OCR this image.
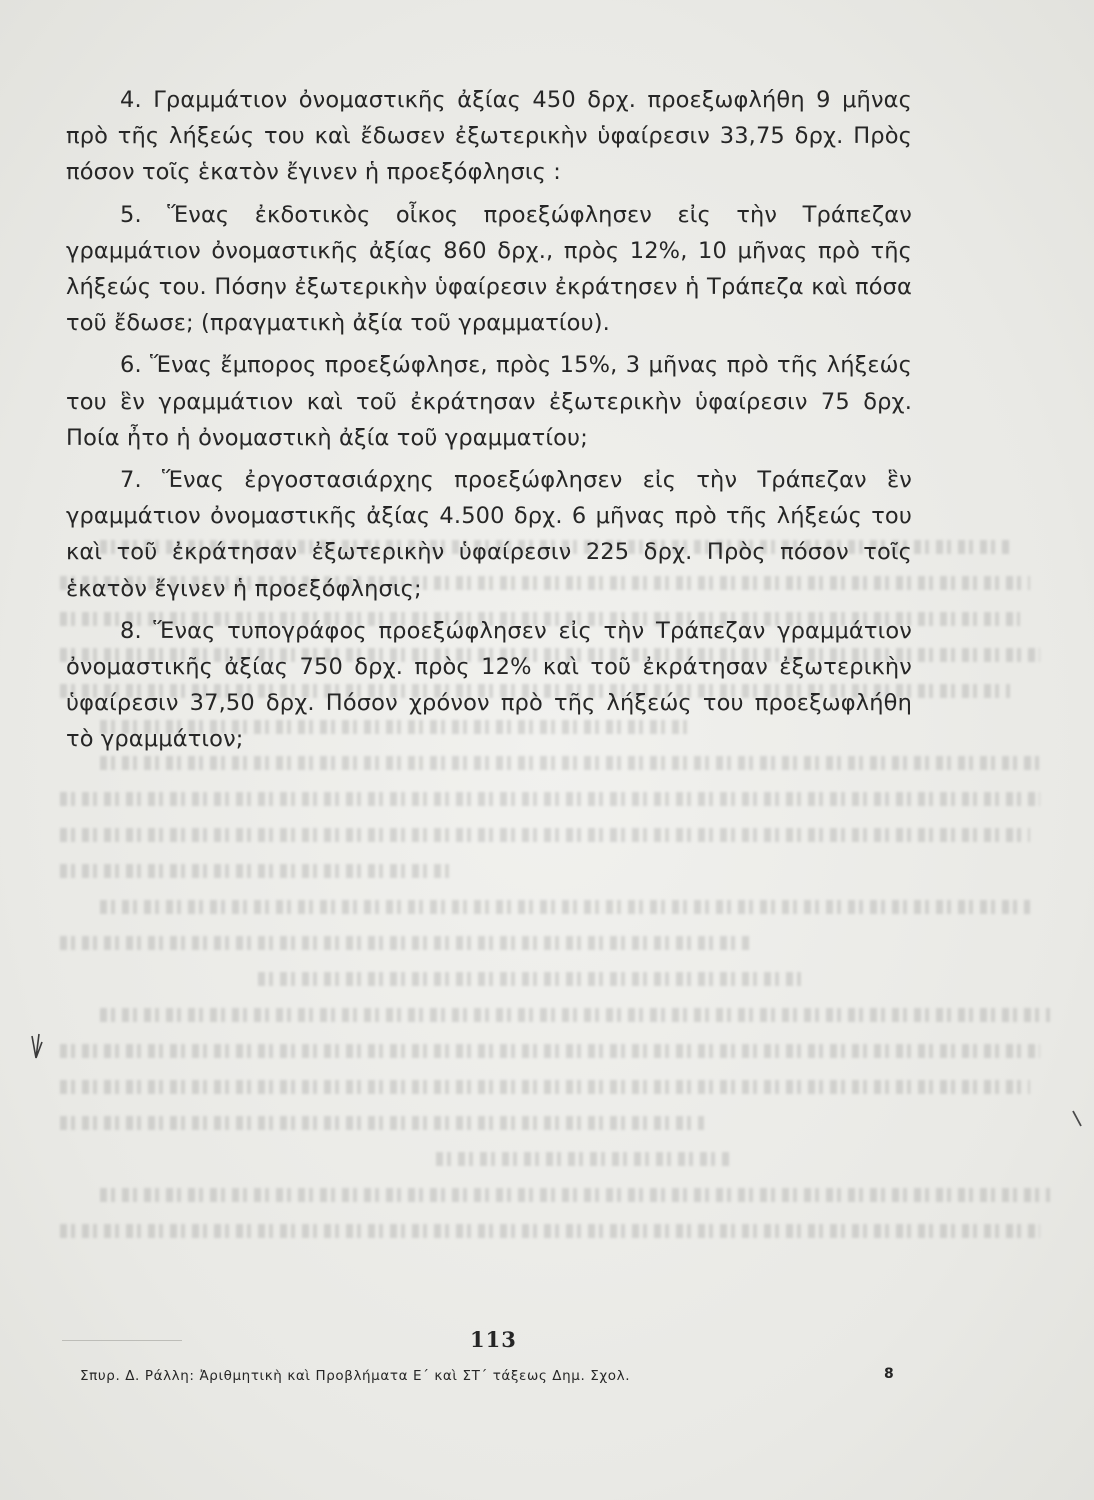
4. Γραμμάτιον ὀνομαστικῆς ἀξίας 450 δρχ. προεξωφλήθη 9 μῆνας πρὸ τῆς λήξεώς του καὶ ἔδωσεν ἐξωτερικὴν ὑφαίρεσιν 33,75 δρχ. Πρὸς πόσον τοῖς ἑκατὸν ἔγινεν ἡ προεξόφλησις :

5. Ἕνας ἐκδοτικὸς οἶκος προεξώφλησεν εἰς τὴν Τράπεζαν γραμμάτιον ὀνομαστικῆς ἀξίας 860 δρχ., πρὸς 12%, 10 μῆνας πρὸ τῆς λήξεώς του. Πόσην ἐξωτερικὴν ὑφαίρεσιν ἐκράτησεν ἡ Τράπεζα καὶ πόσα τοῦ ἔδωσε; (πραγματικὴ ἀξία τοῦ γραμματίου).

6. Ἕνας ἔμπορος προεξώφλησε, πρὸς 15%, 3 μῆνας πρὸ τῆς λήξεώς του ἓν γραμμάτιον καὶ τοῦ ἐκράτησαν ἐξωτερικὴν ὑφαίρεσιν 75 δρχ. Ποία ἦτο ἡ ὀνομαστικὴ ἀξία τοῦ γραμματίου;

7. Ἕνας ἐργοστασιάρχης προεξώφλησεν εἰς τὴν Τράπεζαν ἓν γραμμάτιον ὀνομαστικῆς ἀξίας 4.500 δρχ. 6 μῆνας πρὸ τῆς λήξεώς του καὶ τοῦ ἐκράτησαν ἐξωτερικὴν ὑφαίρεσιν 225 δρχ. Πρὸς πόσον τοῖς ἑκατὸν ἔγινεν ἡ προεξόφλησις;

8. Ἕνας τυπογράφος προεξώφλησεν εἰς τὴν Τράπεζαν γραμμάτιον ὀνομαστικῆς ἀξίας 750 δρχ. πρὸς 12% καὶ τοῦ ἐκράτησαν ἐξωτερικὴν ὑφαίρεσιν 37,50 δρχ. Πόσον χρόνον πρὸ τῆς λήξεώς του προεξωφλήθη τὸ γραμμάτιον;

113
Σπυρ. Δ. Ράλλη: Ἀριθμητικὴ καὶ Προβλήματα Ε΄ καὶ ΣΤ΄ τάξεως Δημ. Σχολ.	8
